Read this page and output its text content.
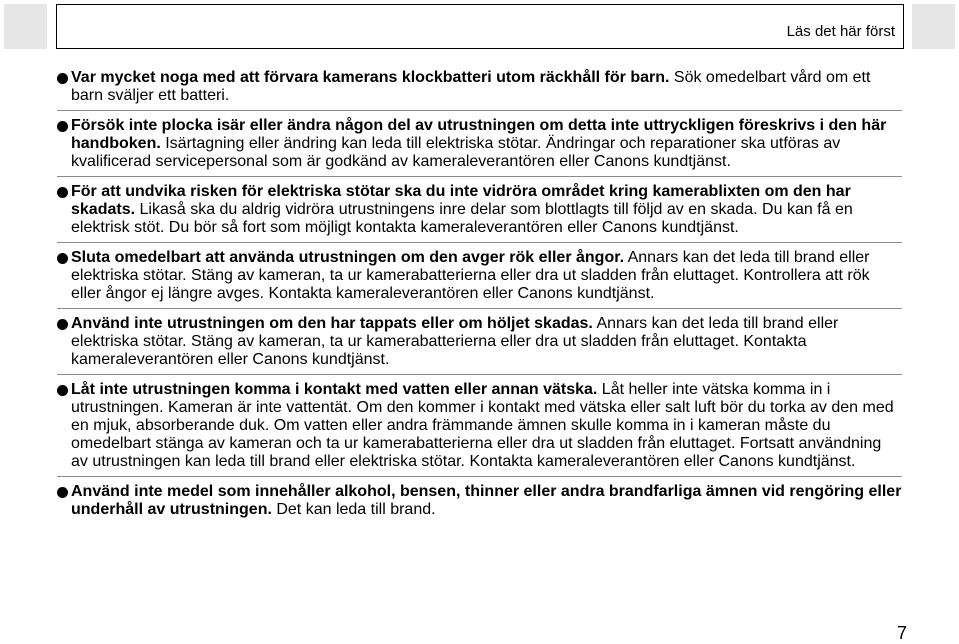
Läs det här först
Var mycket noga med att förvara kamerans klockbatteri utom räckhåll för barn. Sök omedelbart vård om ett barn sväljer ett batteri.
Försök inte plocka isär eller ändra någon del av utrustningen om detta inte uttryckligen föreskrivs i den här handboken. Isärtagning eller ändring kan leda till elektriska stötar. Ändringar och reparationer ska utföras av kvalificerad servicepersonal som är godkänd av kameraleverantören eller Canons kundtjänst.
För att undvika risken för elektriska stötar ska du inte vidröra området kring kamerablixten om den har skadats. Likaså ska du aldrig vidröra utrustningens inre delar som blottlagts till följd av en skada. Du kan få en elektrisk stöt. Du bör så fort som möjligt kontakta kameraleverantören eller Canons kundtjänst.
Sluta omedelbart att använda utrustningen om den avger rök eller ångor. Annars kan det leda till brand eller elektriska stötar. Stäng av kameran, ta ur kamerabatterierna eller dra ut sladden från eluttaget. Kontrollera att rök eller ångor ej längre avges. Kontakta kameraleverantören eller Canons kundtjänst.
Använd inte utrustningen om den har tappats eller om höljet skadas. Annars kan det leda till brand eller elektriska stötar. Stäng av kameran, ta ur kamerabatterierna eller dra ut sladden från eluttaget. Kontakta kameraleverantören eller Canons kundtjänst.
Låt inte utrustningen komma i kontakt med vatten eller annan vätska. Låt heller inte vätska komma in i utrustningen. Kameran är inte vattentät. Om den kommer i kontakt med vätska eller salt luft bör du torka av den med en mjuk, absorberande duk. Om vatten eller andra främmande ämnen skulle komma in i kameran måste du omedelbart stänga av kameran och ta ur kamerabatterierna eller dra ut sladden från eluttaget. Fortsatt användning av utrustningen kan leda till brand eller elektriska stötar. Kontakta kameraleverantören eller Canons kundtjänst.
Använd inte medel som innehåller alkohol, bensen, thinner eller andra brandfarliga ämnen vid rengöring eller underhåll av utrustningen. Det kan leda till brand.
7
